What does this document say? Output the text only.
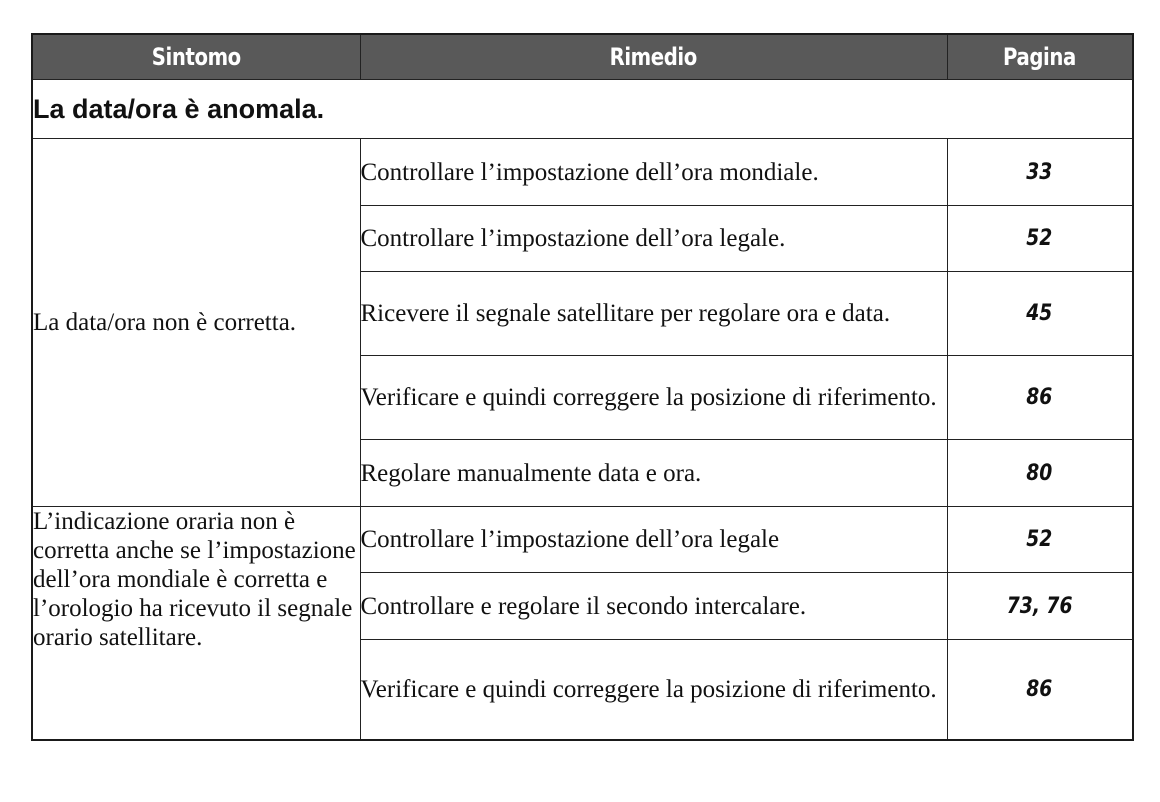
Sintomo	Rimedio	Pagina
La data/ora è anomala.		
La data/ora non è corretta.	Controllare l’impostazione dell’ora mondiale.	33
	Controllare l’impostazione dell’ora legale.	52
	Ricevere il segnale satellitare per regolare ora e data.	45
	Verificare e quindi correggere la posizione di riferimento.	86
	Regolare manualmente data e ora.	80
L’indicazione oraria non è corretta anche se l’impostazione dell’ora mondiale è corretta e l’orologio ha ricevuto il segnale orario satellitare.	Controllare l’impostazione dell’ora legale	52
	Controllare e regolare il secondo intercalare.	73, 76
	Verificare e quindi correggere la posizione di riferimento.	86
